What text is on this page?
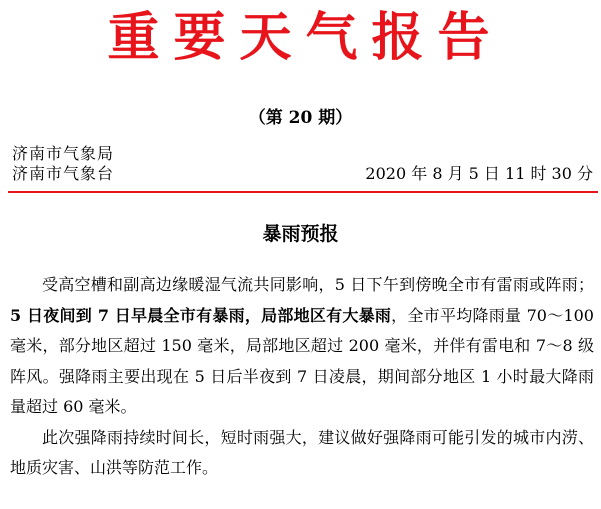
重要天气报告
（第 20 期）
济南市气象局
济南市气象台	2020 年 8 月 5 日 11 时 30 分
暴雨预报

受高空槽和副高边缘暖湿气流共同影响，5 日下午到傍晚全市有雷雨或阵雨；5 日夜间到 7 日早晨全市有暴雨，局部地区有大暴雨，全市平均降雨量 70～100 毫米，部分地区超过 150 毫米，局部地区超过 200 毫米，并伴有雷电和 7～8 级阵风。强降雨主要出现在 5 日后半夜到 7 日凌晨，期间部分地区 1 小时最大降雨量超过 60 毫米。

此次强降雨持续时间长，短时雨强大，建议做好强降雨可能引发的城市内涝、地质灾害、山洪等防范工作。
